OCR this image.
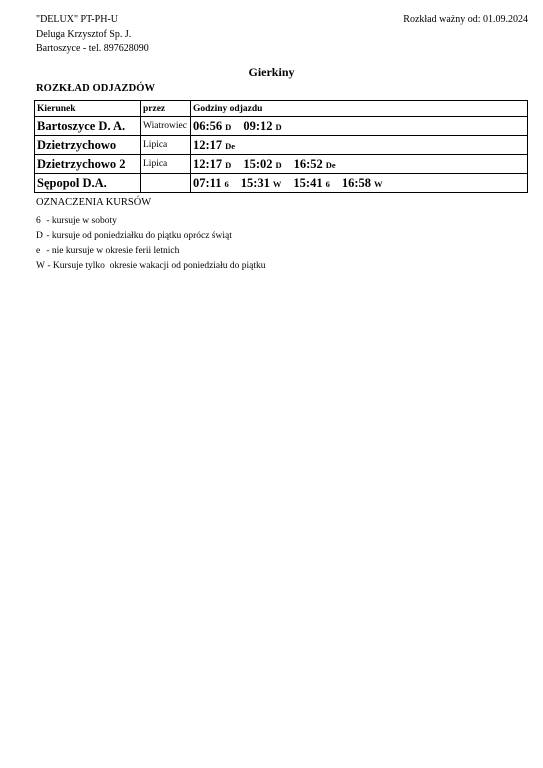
"DELUX" PT-PH-U
Deluga Krzysztof Sp. J.
Bartoszyce - tel. 897628090
Rozkład ważny od: 01.09.2024
Gierkiny
ROZKŁAD ODJAZDÓW
Kierunek	przez	Godziny odjazdu
Bartoszyce D. A.	Wiatrowiec	06:56 D 09:12 D
Dzietrzychowo	Lipica	12:17 De
Dzietrzychowo 2	Lipica	12:17 D 15:02 D 16:52 De
Sępopol D.A.		07:11 6 15:31 W 15:41 6 16:58 W
OZNACZENIA KURSÓW
6 - kursuje w soboty
D - kursuje od poniedziałku do piątku oprócz świąt
e - nie kursuje w okresie ferii letnich
W - Kursuje tylko  okresie wakacji od poniedziału do piątku
